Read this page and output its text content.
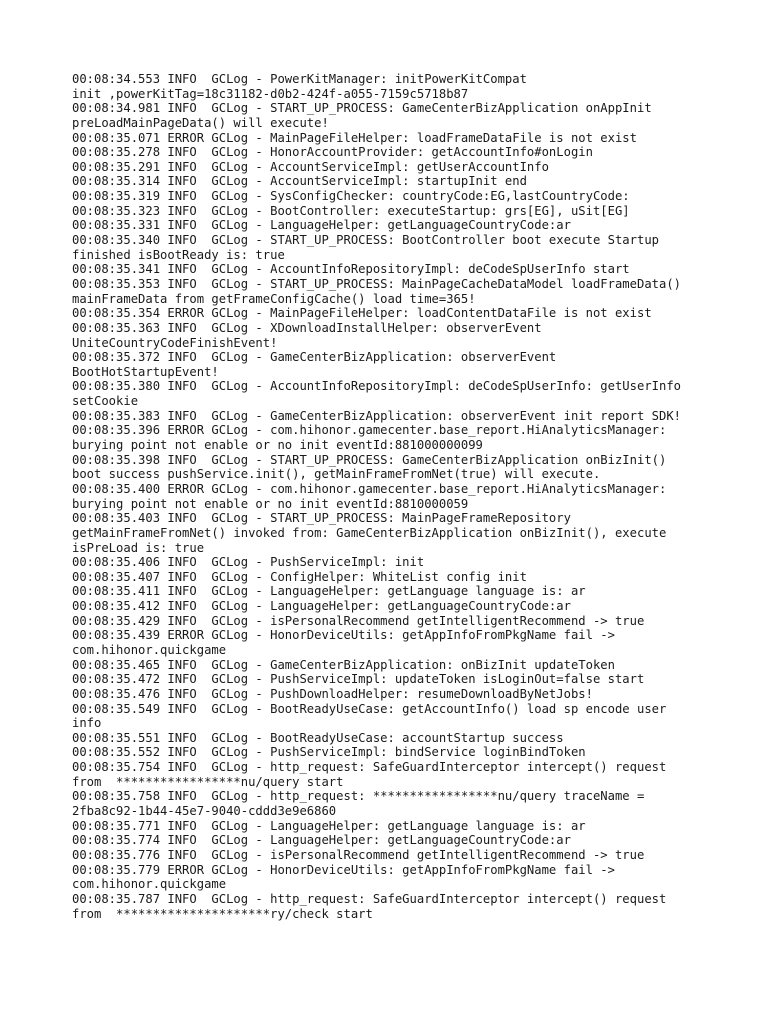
00:08:34.553 INFO  GCLog - PowerKitManager: initPowerKitCompat
init ,powerKitTag=18c31182-d0b2-424f-a055-7159c5718b87
00:08:34.981 INFO  GCLog - START_UP_PROCESS: GameCenterBizApplication onAppInit
preLoadMainPageData() will execute!
00:08:35.071 ERROR GCLog - MainPageFileHelper: loadFrameDataFile is not exist
00:08:35.278 INFO  GCLog - HonorAccountProvider: getAccountInfo#onLogin
00:08:35.291 INFO  GCLog - AccountServiceImpl: getUserAccountInfo
00:08:35.314 INFO  GCLog - AccountServiceImpl: startupInit end
00:08:35.319 INFO  GCLog - SysConfigChecker: countryCode:EG,lastCountryCode:
00:08:35.323 INFO  GCLog - BootController: executeStartup: grs[EG], uSit[EG]
00:08:35.331 INFO  GCLog - LanguageHelper: getLanguageCountryCode:ar
00:08:35.340 INFO  GCLog - START_UP_PROCESS: BootController boot execute Startup
finished isBootReady is: true
00:08:35.341 INFO  GCLog - AccountInfoRepositoryImpl: deCodeSpUserInfo start
00:08:35.353 INFO  GCLog - START_UP_PROCESS: MainPageCacheDataModel loadFrameData()
mainFrameData from getFrameConfigCache() load time=365!
00:08:35.354 ERROR GCLog - MainPageFileHelper: loadContentDataFile is not exist
00:08:35.363 INFO  GCLog - XDownloadInstallHelper: observerEvent
UniteCountryCodeFinishEvent!
00:08:35.372 INFO  GCLog - GameCenterBizApplication: observerEvent
BootHotStartupEvent!
00:08:35.380 INFO  GCLog - AccountInfoRepositoryImpl: deCodeSpUserInfo: getUserInfo
setCookie
00:08:35.383 INFO  GCLog - GameCenterBizApplication: observerEvent init report SDK!
00:08:35.396 ERROR GCLog - com.hihonor.gamecenter.base_report.HiAnalyticsManager:
burying point not enable or no init eventId:881000000099
00:08:35.398 INFO  GCLog - START_UP_PROCESS: GameCenterBizApplication onBizInit()
boot success pushService.init(), getMainFrameFromNet(true) will execute.
00:08:35.400 ERROR GCLog - com.hihonor.gamecenter.base_report.HiAnalyticsManager:
burying point not enable or no init eventId:8810000059
00:08:35.403 INFO  GCLog - START_UP_PROCESS: MainPageFrameRepository
getMainFrameFromNet() invoked from: GameCenterBizApplication onBizInit(), execute
isPreLoad is: true
00:08:35.406 INFO  GCLog - PushServiceImpl: init
00:08:35.407 INFO  GCLog - ConfigHelper: WhiteList config init
00:08:35.411 INFO  GCLog - LanguageHelper: getLanguage language is: ar
00:08:35.412 INFO  GCLog - LanguageHelper: getLanguageCountryCode:ar
00:08:35.429 INFO  GCLog - isPersonalRecommend getIntelligentRecommend -> true
00:08:35.439 ERROR GCLog - HonorDeviceUtils: getAppInfoFromPkgName fail ->
com.hihonor.quickgame
00:08:35.465 INFO  GCLog - GameCenterBizApplication: onBizInit updateToken
00:08:35.472 INFO  GCLog - PushServiceImpl: updateToken isLoginOut=false start
00:08:35.476 INFO  GCLog - PushDownloadHelper: resumeDownloadByNetJobs!
00:08:35.549 INFO  GCLog - BootReadyUseCase: getAccountInfo() load sp encode user
info
00:08:35.551 INFO  GCLog - BootReadyUseCase: accountStartup success
00:08:35.552 INFO  GCLog - PushServiceImpl: bindService loginBindToken
00:08:35.754 INFO  GCLog - http_request: SafeGuardInterceptor intercept() request
from  *****************nu/query start
00:08:35.758 INFO  GCLog - http_request: *****************nu/query traceName =
2fba8c92-1b44-45e7-9040-cddd3e9e6860
00:08:35.771 INFO  GCLog - LanguageHelper: getLanguage language is: ar
00:08:35.774 INFO  GCLog - LanguageHelper: getLanguageCountryCode:ar
00:08:35.776 INFO  GCLog - isPersonalRecommend getIntelligentRecommend -> true
00:08:35.779 ERROR GCLog - HonorDeviceUtils: getAppInfoFromPkgName fail ->
com.hihonor.quickgame
00:08:35.787 INFO  GCLog - http_request: SafeGuardInterceptor intercept() request
from  *********************ry/check start
